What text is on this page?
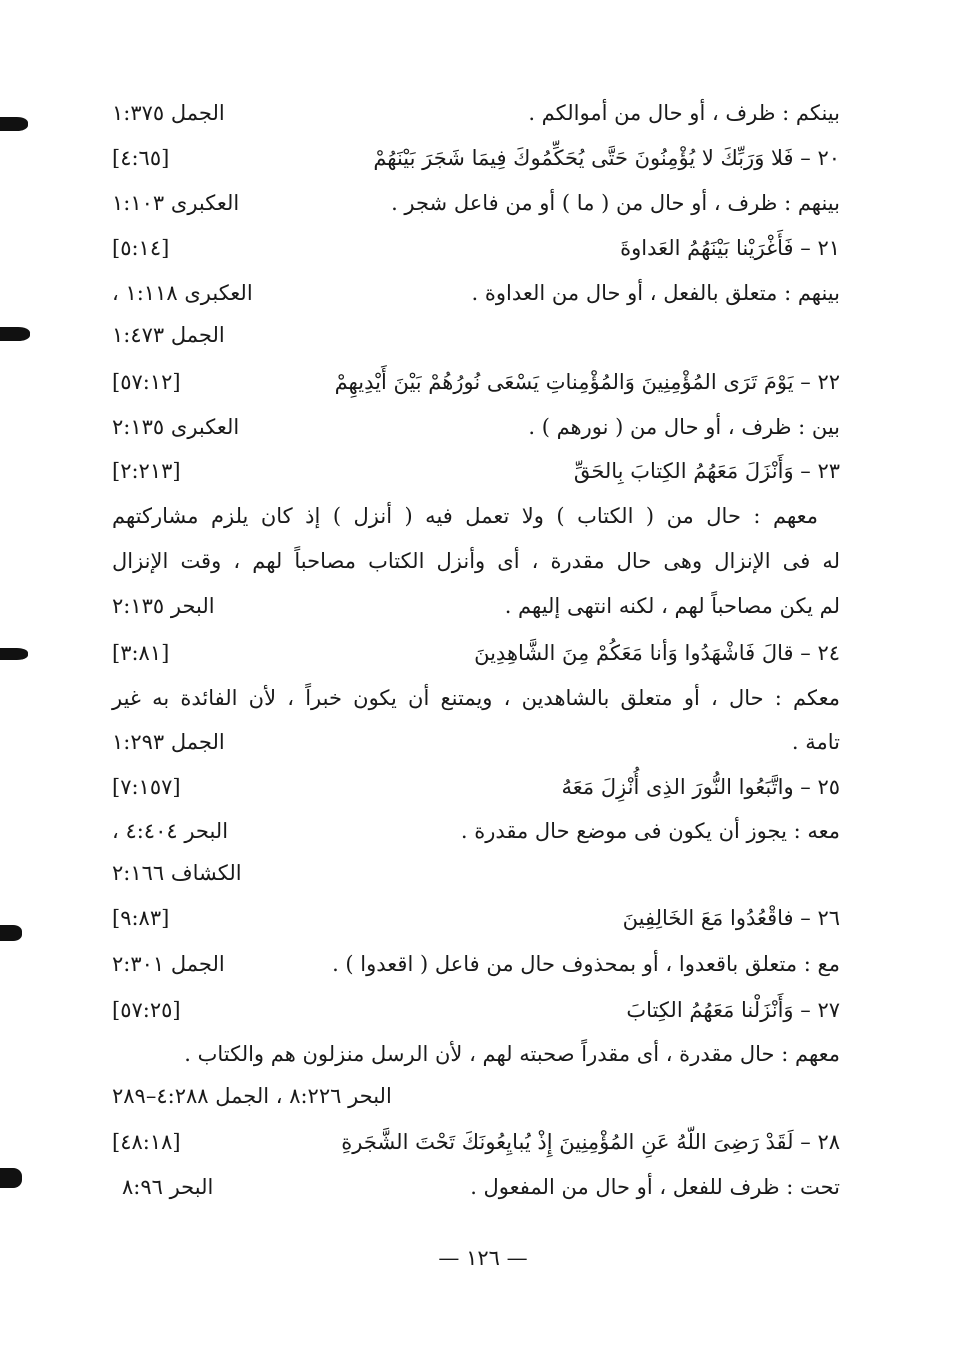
بينكم : ظرف ، أو حال من أموالكم .
الجمل ١:٣٧٥
٢٠ – فَلا وَرَبِّكَ لا يُؤْمِنُونَ حَتَّى يُحَكِّمُوكَ فِيمَا شَجَرَ بَيْنَهُمْ
[٤:٦٥]
بينهم : ظرف ، أو حال من ( ما ) أو من فاعل شجر .
العكبرى ١:١٠٣
٢١ – فَأَغْرَيْنا بَيْنَهُمُ العَداوةَ
[٥:١٤]
بينهم : متعلق بالفعل ، أو حال من العداوة .
العكبرى ١:١١٨ ،
الجمل ١:٤٧٣
٢٢ – يَوْمَ تَرَى المُؤْمِنِينَ وَالمُؤْمِناتِ يَسْعَى نُورُهُمْ بَيْنَ أَيْدِيهِمْ
[٥٧:١٢]
بين : ظرف ، أو حال من ( نورهم ) .
العكبرى ٢:١٣٥
٢٣ – وَأَنْزَلَ مَعَهُمُ الكِتابَ بِالحَقِّ
[٢:٢١٣]
معهم : حال من ( الكتاب ) ولا تعمل فيه ( أنزل ) إذ كان يلزم مشاركتهم
له فى الإنزال وهى حال مقدرة ، أى وأنزل الكتاب مصاحباً لهم ، وقت الإنزال
لم يكن مصاحباً لهم ، لكنه انتهى إليهم .
البحر ٢:١٣٥
٢٤ – قالَ فَاشْهَدُوا وَأنا مَعَكُمْ مِنَ الشَّاهِدِينَ
[٣:٨١]
معكم : حال ، أو متعلق بالشاهدين ، ويمتنع أن يكون خبراً ، لأن الفائدة به غير
تامة .
الجمل ١:٢٩٣
٢٥ – واتَّبَعُوا النُّورَ الذِى أُنْزِلَ مَعَهُ
[٧:١٥٧]
معه : يجوز أن يكون فى موضع حال مقدرة .
البحر ٤:٤٠٤ ،
الكشاف ٢:١٦٦
٢٦ – فاقْعُدُوا مَعَ الخَالِفِينَ
[٩:٨٣]
مع : متعلق باقعدوا ، أو بمحذوف حال من فاعل ( اقعدوا ) .
الجمل ٢:٣٠١
٢٧ – وَأَنْزَلْنا مَعَهُمُ الكِتابَ
[٥٧:٢٥]
معهم : حال مقدرة ، أى مقدراً صحبته لهم ، لأن الرسل منزلون هم والكتاب .
البحر ٨:٢٢٦ ، الجمل ٤:٢٨٨–٢٨٩
٢٨ – لَقَدْ رَضِىَ اللّهُ عَنِ المُؤْمِنِينَ إِذْ يُبايِعُونَكَ تَحْتَ الشَّجَرةِ
[٤٨:١٨]
تحت : ظرف للفعل ، أو حال من المفعول .
البحر ٨:٩٦
— ١٢٦ —
